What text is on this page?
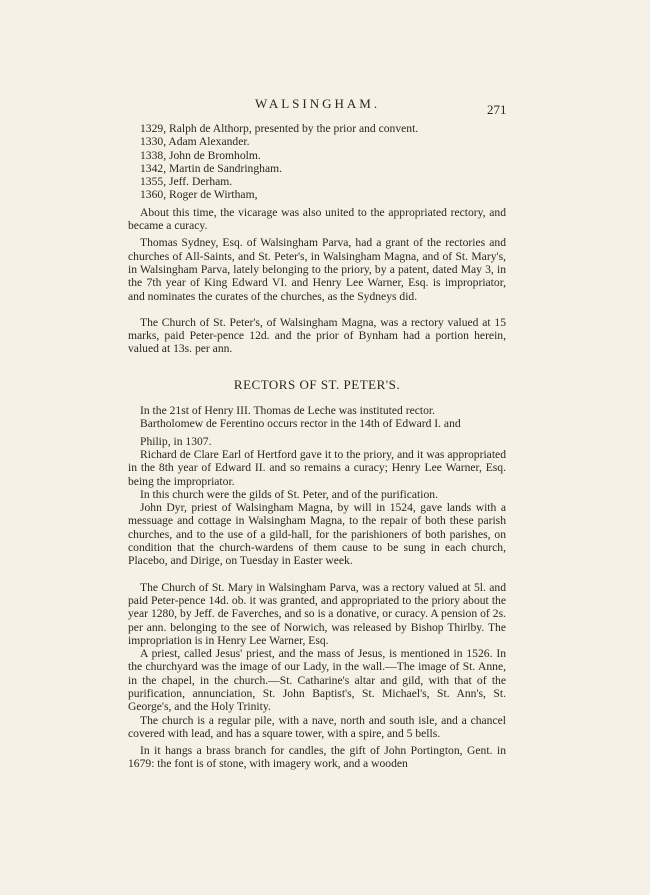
WALSINGHAM.	271

1329, Ralph de Althorp, presented by the prior and convent.

1330, Adam Alexander.

1338, John de Bromholm.

1342, Martin de Sandringham.

1355, Jeff. Derham.

1360, Roger de Wirtham,

About this time, the vicarage was also united to the appropriated rectory, and became a curacy.

Thomas Sydney, Esq. of Walsingham Parva, had a grant of the rectories and churches of All-Saints, and St. Peter's, in Walsingham Magna, and of St. Mary's, in Walsingham Parva, lately belonging to the priory, by a patent, dated May 3, in the 7th year of King Edward VI. and Henry Lee Warner, Esq. is impropriator, and nominates the curates of the churches, as the Sydneys did.

The Church of St. Peter's, of Walsingham Magna, was a rectory valued at 15 marks, paid Peter-pence 12d. and the prior of Bynham had a portion herein, valued at 13s. per ann.

RECTORS OF ST. PETER'S.

In the 21st of Henry III. Thomas de Leche was instituted rector.

Bartholomew de Ferentino occurs rector in the 14th of Edward I. and

Philip, in 1307.

Richard de Clare Earl of Hertford gave it to the priory, and it was appropriated in the 8th year of Edward II. and so remains a curacy; Henry Lee Warner, Esq. being the impropriator.

In this church were the gilds of St. Peter, and of the purification.

John Dyr, priest of Walsingham Magna, by will in 1524, gave lands with a messuage and cottage in Walsingham Magna, to the repair of both these parish churches, and to the use of a gild-hall, for the parishioners of both parishes, on condition that the church-wardens of them cause to be sung in each church, Placebo, and Dirige, on Tuesday in Easter week.

The Church of St. Mary in Walsingham Parva, was a rectory valued at 5l. and paid Peter-pence 14d. ob. it was granted, and appropriated to the priory about the year 1280, by Jeff. de Faverches, and so is a donative, or curacy. A pension of 2s. per ann. belonging to the see of Norwich, was released by Bishop Thirlby. The impropriation is in Henry Lee Warner, Esq.

A priest, called Jesus' priest, and the mass of Jesus, is mentioned in 1526. In the churchyard was the image of our Lady, in the wall.—The image of St. Anne, in the chapel, in the church.—St. Catharine's altar and gild, with that of the purification, annunciation, St. John Baptist's, St. Michael's, St. Ann's, St. George's, and the Holy Trinity.

The church is a regular pile, with a nave, north and south isle, and a chancel covered with lead, and has a square tower, with a spire, and 5 bells.

In it hangs a brass branch for candles, the gift of John Portington, Gent. in 1679: the font is of stone, with imagery work, and a wooden
